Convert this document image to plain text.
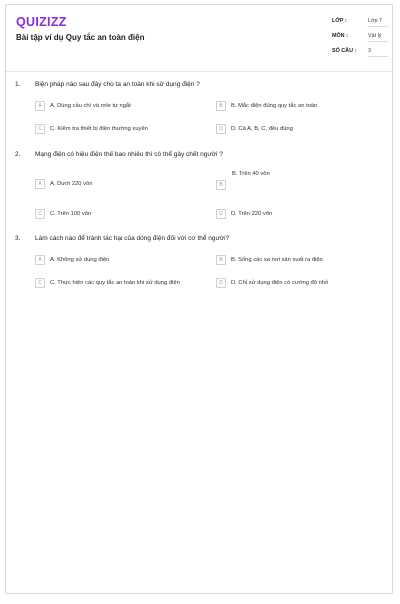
QUIZIZZ
Bài tập ví dụ Quy tắc an toàn điện
LỚP :	Lớp 7
MÔN :	Vật lý
SỐ CÂU : 3
1. Biện pháp nào sau đây cho ta an toàn khi sử dụng điện ?
A A. Dùng cầu chì và rơle tự ngắt	B B. Mắc điện đúng quy tắc an toàn
C C. Kiểm tra thiết bị điện thường xuyên	D D. Cả A, B, C, đều đúng
2. Mạng điện có hiệu điện thế bao nhiêu thì có thể gây chết người ?
A A. Dưới 220 vôn
B. Trên 40 vôn
B
C C. Trên 100 vôn	D D. Trên 220 vôn
3. Làm cách nào để tránh tác hại của dòng điện đối với cơ thể người?
A A. Không sử dụng điện	B B. Sống các xa nơi sản xuất ra điện
C C. Thực hiện các quy tắc an toàn khi sử dụng điện	D D. Chỉ sử dụng điện có cường độ nhỏ
